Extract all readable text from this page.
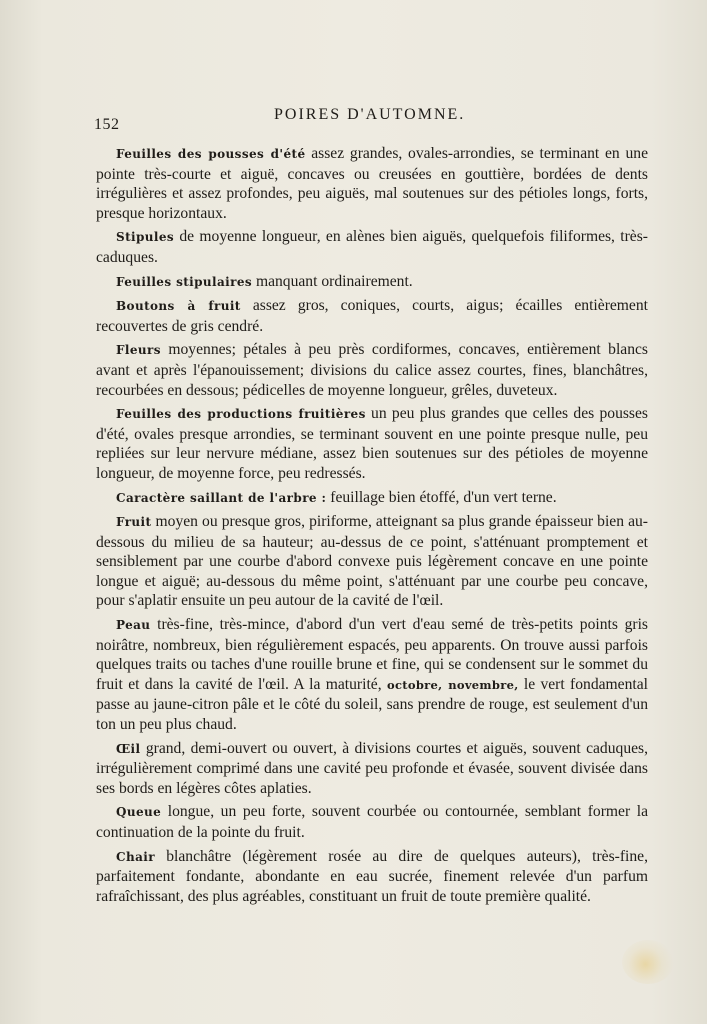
152
POIRES D'AUTOMNE.

Feuilles des pousses d'été assez grandes, ovales-arrondies, se terminant en une pointe très-courte et aiguë, concaves ou creusées en gouttière, bordées de dents irrégulières et assez profondes, peu aiguës, mal soutenues sur des pétioles longs, forts, presque horizontaux.

Stipules de moyenne longueur, en alènes bien aiguës, quelquefois filiformes, très-caduques.

Feuilles stipulaires manquant ordinairement.

Boutons à fruit assez gros, coniques, courts, aigus; écailles entièrement recouvertes de gris cendré.

Fleurs moyennes; pétales à peu près cordiformes, concaves, entièrement blancs avant et après l'épanouissement; divisions du calice assez courtes, fines, blanchâtres, recourbées en dessous; pédicelles de moyenne longueur, grêles, duveteux.

Feuilles des productions fruitières un peu plus grandes que celles des pousses d'été, ovales presque arrondies, se terminant souvent en une pointe presque nulle, peu repliées sur leur nervure médiane, assez bien soutenues sur des pétioles de moyenne longueur, de moyenne force, peu redressés.

Caractère saillant de l'arbre : feuillage bien étoffé, d'un vert terne.

Fruit moyen ou presque gros, piriforme, atteignant sa plus grande épaisseur bien au-dessous du milieu de sa hauteur; au-dessus de ce point, s'atténuant promptement et sensiblement par une courbe d'abord convexe puis légèrement concave en une pointe longue et aiguë; au-dessous du même point, s'atténuant par une courbe peu concave, pour s'aplatir ensuite un peu autour de la cavité de l'œil.

Peau très-fine, très-mince, d'abord d'un vert d'eau semé de très-petits points gris noirâtre, nombreux, bien régulièrement espacés, peu apparents. On trouve aussi parfois quelques traits ou taches d'une rouille brune et fine, qui se condensent sur le sommet du fruit et dans la cavité de l'œil. A la maturité, octobre, novembre, le vert fondamental passe au jaune-citron pâle et le côté du soleil, sans prendre de rouge, est seulement d'un ton un peu plus chaud.

Œil grand, demi-ouvert ou ouvert, à divisions courtes et aiguës, souvent caduques, irrégulièrement comprimé dans une cavité peu profonde et évasée, souvent divisée dans ses bords en légères côtes aplaties.

Queue longue, un peu forte, souvent courbée ou contournée, semblant former la continuation de la pointe du fruit.

Chair blanchâtre (légèrement rosée au dire de quelques auteurs), très-fine, parfaitement fondante, abondante en eau sucrée, finement relevée d'un parfum rafraîchissant, des plus agréables, constituant un fruit de toute première qualité.
